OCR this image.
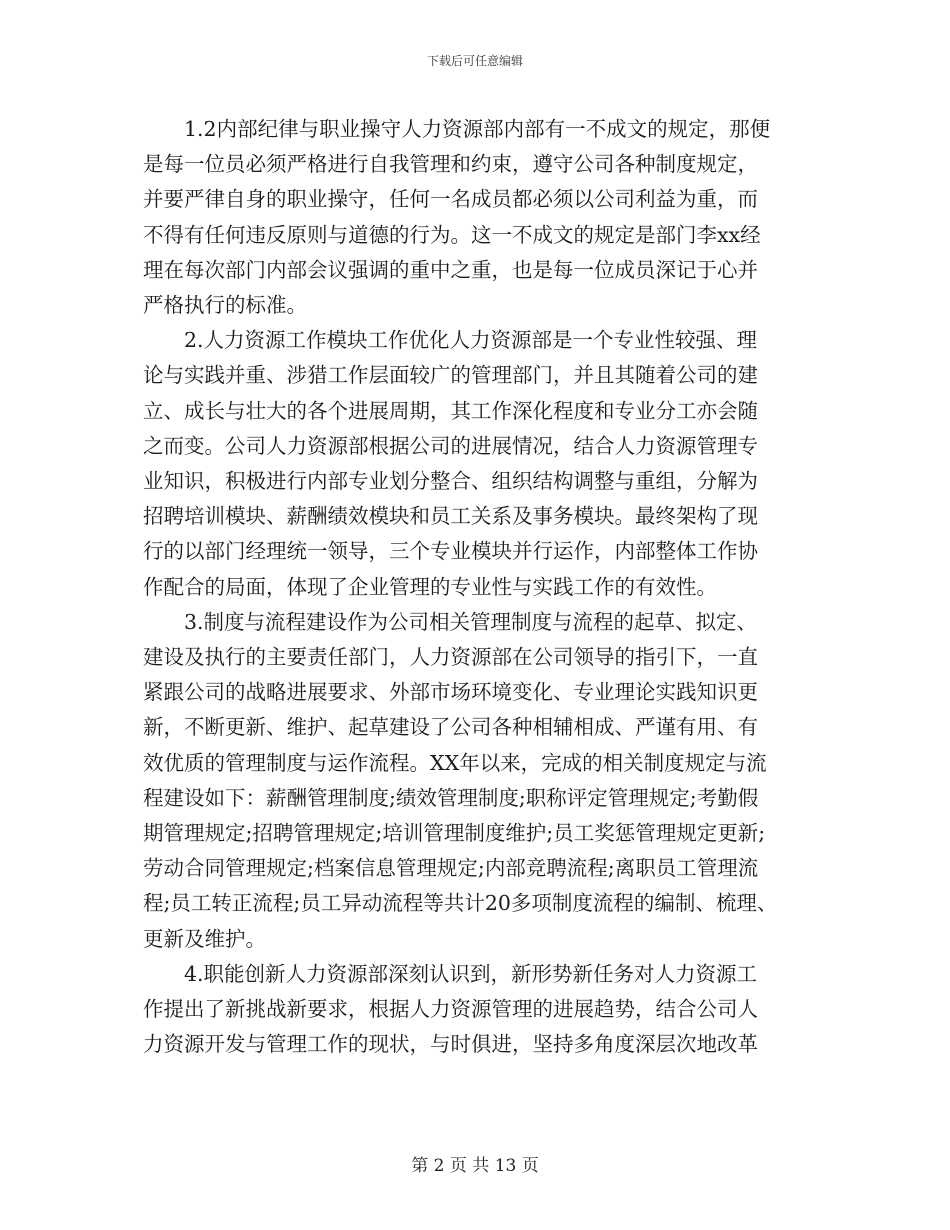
下载后可任意编辑

1.2内部纪律与职业操守人力资源部内部有一不成文的规定，那便
是每一位员必须严格进行自我管理和约束，遵守公司各种制度规定，
并要严律自身的职业操守，任何一名成员都必须以公司利益为重，而
不得有任何违反原则与道德的行为。这一不成文的规定是部门李xx经
理在每次部门内部会议强调的重中之重，也是每一位成员深记于心并
严格执行的标准。

2.人力资源工作模块工作优化人力资源部是一个专业性较强、理
论与实践并重、涉猎工作层面较广的管理部门，并且其随着公司的建
立、成长与壮大的各个进展周期，其工作深化程度和专业分工亦会随
之而变。公司人力资源部根据公司的进展情况，结合人力资源管理专
业知识，积极进行内部专业划分整合、组织结构调整与重组，分解为
招聘培训模块、薪酬绩效模块和员工关系及事务模块。最终架构了现
行的以部门经理统一领导，三个专业模块并行运作，内部整体工作协
作配合的局面，体现了企业管理的专业性与实践工作的有效性。

3.制度与流程建设作为公司相关管理制度与流程的起草、拟定、
建设及执行的主要责任部门，人力资源部在公司领导的指引下，一直
紧跟公司的战略进展要求、外部市场环境变化、专业理论实践知识更
新，不断更新、维护、起草建设了公司各种相辅相成、严谨有用、有
效优质的管理制度与运作流程。XX年以来，完成的相关制度规定与流
程建设如下：薪酬管理制度;绩效管理制度;职称评定管理规定;考勤假
期管理规定;招聘管理规定;培训管理制度维护;员工奖惩管理规定更新;
劳动合同管理规定;档案信息管理规定;内部竞聘流程;离职员工管理流
程;员工转正流程;员工异动流程等共计20多项制度流程的编制、梳理、
更新及维护。

4.职能创新人力资源部深刻认识到，新形势新任务对人力资源工
作提出了新挑战新要求，根据人力资源管理的进展趋势，结合公司人
力资源开发与管理工作的现状，与时俱进，坚持多角度深层次地改革

第 2 页 共 13 页
